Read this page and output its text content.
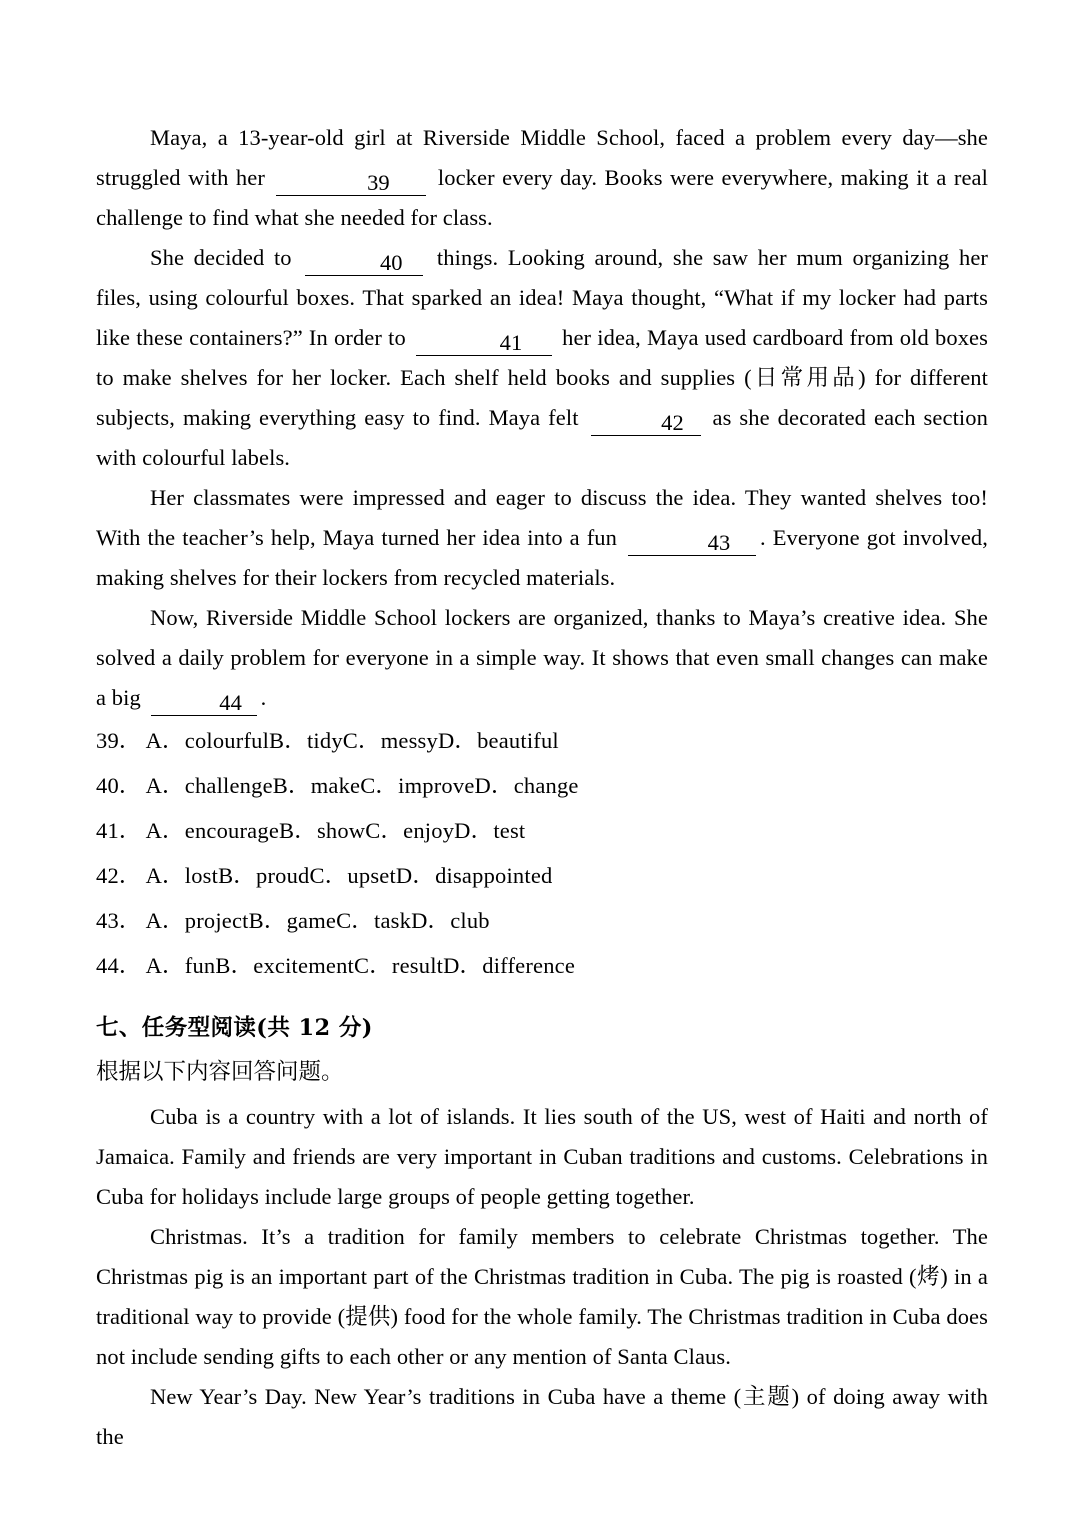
Maya, a 13-year-old girl at Riverside Middle School, faced a problem every day—she struggled with her	39 locker every day. Books were everywhere, making it a real challenge to find what she needed for class.

She decided to	40 things. Looking around, she saw her mum organizing her files, using colourful boxes. That sparked an idea! Maya thought, “What if my locker had parts like these containers?” In order to	41 her idea, Maya used cardboard from old boxes to make shelves for her locker. Each shelf held books and supplies (日常用品) for different subjects, making everything easy to find. Maya felt	42 as she decorated each section with colourful labels.

Her classmates were impressed and eager to discuss the idea. They wanted shelves too! With the teacher’s help, Maya turned her idea into a fun	43 . Everyone got involved, making shelves for their lockers from recycled materials.

Now, Riverside Middle School lockers are organized, thanks to Maya’s creative idea. She solved a daily problem for everyone in a simple way. It shows that even small changes can make a big	44 .

39． A．colourfulB．tidyC．messyD．beautiful
40． A．challengeB．makeC．improveD．change
41． A．encourageB．showC．enjoyD．test
42． A．lostB．proudC．upsetD．disappointed
43． A．projectB．gameC．taskD．club
44． A．funB．excitementC．resultD．difference
七、任务型阅读(共 12 分)
根据以下内容回答问题。

Cuba is a country with a lot of islands. It lies south of the US, west of Haiti and north of Jamaica. Family and friends are very important in Cuban traditions and customs. Celebrations in Cuba for holidays include large groups of people getting together.

Christmas. It’s a tradition for family members to celebrate Christmas together. The Christmas pig is an important part of the Christmas tradition in Cuba. The pig is roasted (烤) in a traditional way to provide (提供) food for the whole family. The Christmas tradition in Cuba does not include sending gifts to each other or any mention of Santa Claus.

New Year’s Day. New Year’s traditions in Cuba have a theme (主题) of doing away with the
